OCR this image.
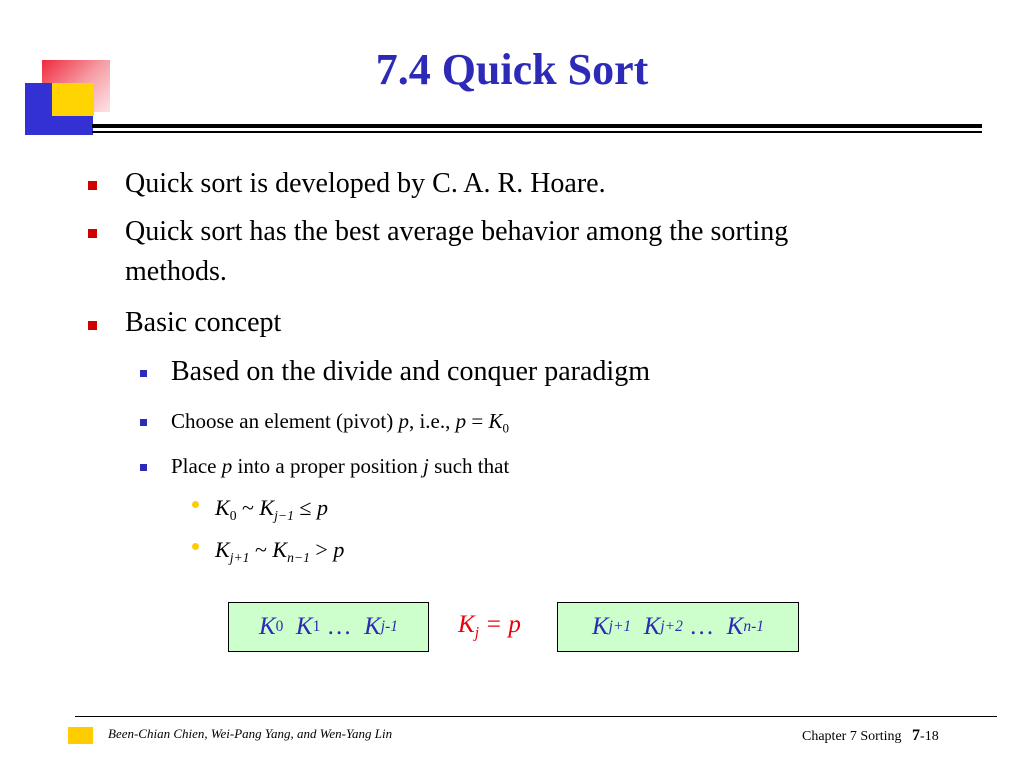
7.4 Quick Sort
Quick sort is developed by C. A. R. Hoare.
Quick sort has the best average behavior among the sorting
methods.
Basic concept
Based on the divide and conquer paradigm
Choose an element (pivot) p, i.e., $p = K_0$
Place p into a proper position j such that
$K_0$ ~ $K_{j-1} \le p$
$K_{j+1}$ ~ $K_{n-1} > p$
K 0
K 1
…
K j-1 $K_j = p$	K j+1
K j+2
…
K n-1
Been-Chian Chien, Wei-Pang Yang, and Wen-Yang Lin	Chapter 7 Sorting 7-18
